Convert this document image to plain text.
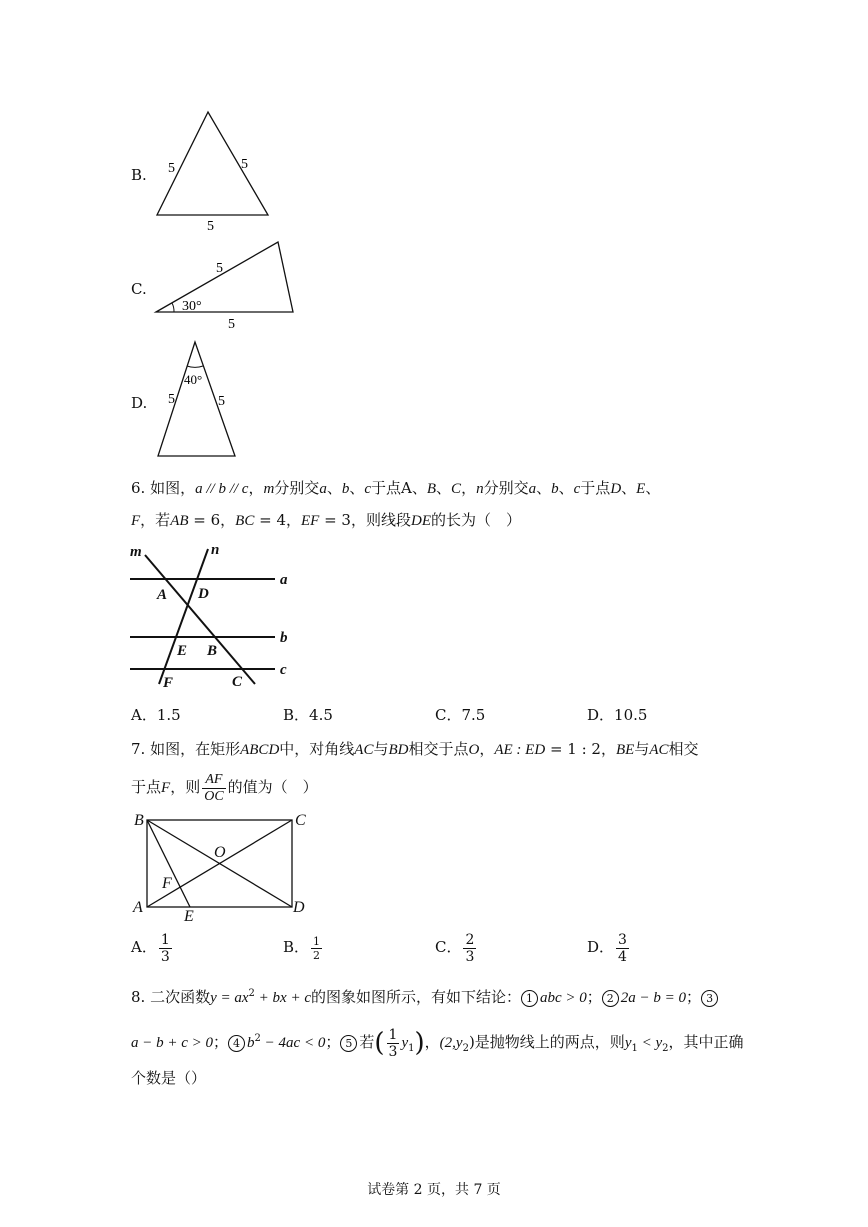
B. 5	5
5
C.
5
30°
5
D.
40°
5	5
6. 如图，a // b // c，m分别交a、b、c于点A、B、C，n分别交a、b、c于点D、E、
F，若AB = 6，BC = 4，EF = 3，则线段DE的长为（　）
m	n
a
b
c
A D
E B
F	C
A．1.5	B．4.5	C．7.5	D．10.5
7. 如图，在矩形ABCD中，对角线AC与BD相交于点O，AE : ED = 1 : 2，BE与AC相交
于点F，则 $\frac{AF}{OC}$ 的值为（　）
B	C
O
F
A
E
D
A． $\frac{1}{3}$	B． $\frac{1}{2}$	C． $\frac{2}{3}$	D． $\frac{3}{4}$
8. 二次函数$y = ax^2$ + bx + c的图象如图所示，有如下结论： 1 abc > 0； 2 2a − b = 0； 3
a − b + c > 0； 4 $b^2 - 4ac < 0$； 5 若( $\frac{1}{3} y_1$)，$(2,y_2)$是抛物线上的两点，则$y_1 < y_2$，其中正确
个数是（）
试卷第 2 页，共 7 页
